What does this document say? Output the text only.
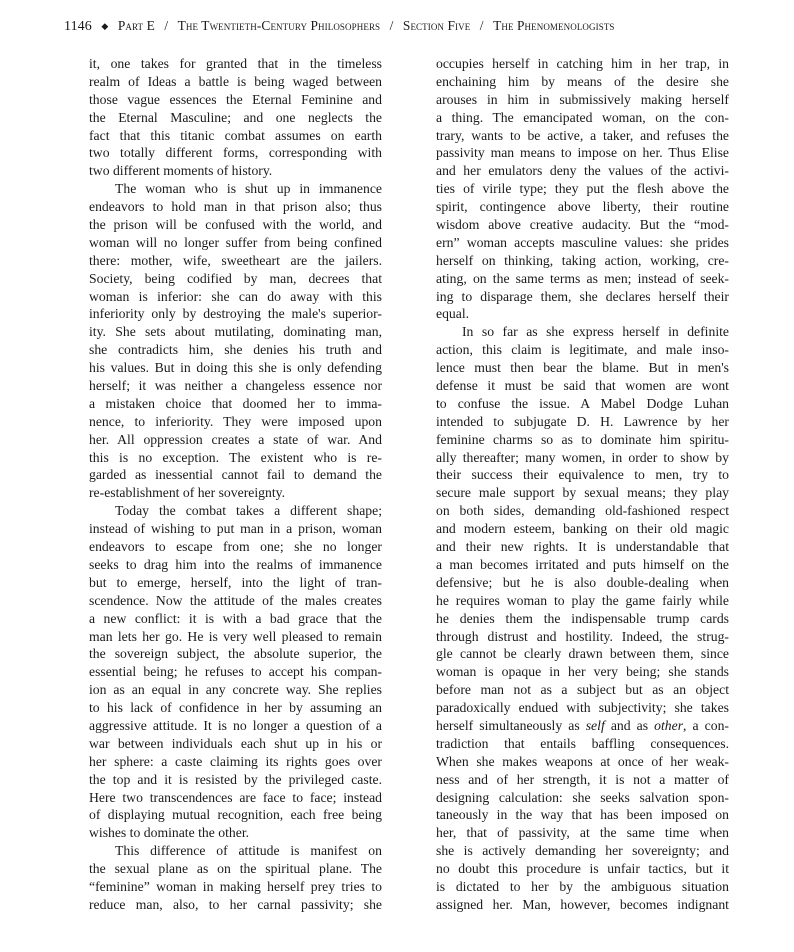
1146 ◆ Part E / The Twentieth-Century Philosophers / Section Five / The Phenomenologists
it, one takes for granted that in the timeless
realm of Ideas a battle is being waged between
those vague essences the Eternal Feminine and
the Eternal Masculine; and one neglects the
fact that this titanic combat assumes on earth
two totally different forms, corresponding with
two different moments of history.
The woman who is shut up in immanence
endeavors to hold man in that prison also; thus
the prison will be confused with the world, and
woman will no longer suffer from being confined
there: mother, wife, sweetheart are the jailers.
Society, being codified by man, decrees that
woman is inferior: she can do away with this
inferiority only by destroying the male's superior-
ity. She sets about mutilating, dominating man,
she contradicts him, she denies his truth and
his values. But in doing this she is only defending
herself; it was neither a changeless essence nor
a mistaken choice that doomed her to imma-
nence, to inferiority. They were imposed upon
her. All oppression creates a state of war. And
this is no exception. The existent who is re-
garded as inessential cannot fail to demand the
re-establishment of her sovereignty.
Today the combat takes a different shape;
instead of wishing to put man in a prison, woman
endeavors to escape from one; she no longer
seeks to drag him into the realms of immanence
but to emerge, herself, into the light of tran-
scendence. Now the attitude of the males creates
a new conflict: it is with a bad grace that the
man lets her go. He is very well pleased to remain
the sovereign subject, the absolute superior, the
essential being; he refuses to accept his compan-
ion as an equal in any concrete way. She replies
to his lack of confidence in her by assuming an
aggressive attitude. It is no longer a question of a
war between individuals each shut up in his or
her sphere: a caste claiming its rights goes over
the top and it is resisted by the privileged caste.
Here two transcendences are face to face; instead
of displaying mutual recognition, each free being
wishes to dominate the other.
This difference of attitude is manifest on
the sexual plane as on the spiritual plane. The
“feminine” woman in making herself prey tries to
reduce man, also, to her carnal passivity; she
occupies herself in catching him in her trap, in
enchaining him by means of the desire she
arouses in him in submissively making herself
a thing. The emancipated woman, on the con-
trary, wants to be active, a taker, and refuses the
passivity man means to impose on her. Thus Elise
and her emulators deny the values of the activi-
ties of virile type; they put the flesh above the
spirit, contingence above liberty, their routine
wisdom above creative audacity. But the “mod-
ern” woman accepts masculine values: she prides
herself on thinking, taking action, working, cre-
ating, on the same terms as men; instead of seek-
ing to disparage them, she declares herself their
equal.
In so far as she express herself in definite
action, this claim is legitimate, and male inso-
lence must then bear the blame. But in men's
defense it must be said that women are wont
to confuse the issue. A Mabel Dodge Luhan
intended to subjugate D. H. Lawrence by her
feminine charms so as to dominate him spiritu-
ally thereafter; many women, in order to show by
their success their equivalence to men, try to
secure male support by sexual means; they play
on both sides, demanding old-fashioned respect
and modern esteem, banking on their old magic
and their new rights. It is understandable that
a man becomes irritated and puts himself on the
defensive; but he is also double-dealing when
he requires woman to play the game fairly while
he denies them the indispensable trump cards
through distrust and hostility. Indeed, the strug-
gle cannot be clearly drawn between them, since
woman is opaque in her very being; she stands
before man not as a subject but as an object
paradoxically endued with subjectivity; she takes
herself simultaneously as self and as other, a con-
tradiction that entails baffling consequences.
When she makes weapons at once of her weak-
ness and of her strength, it is not a matter of
designing calculation: she seeks salvation spon-
taneously in the way that has been imposed on
her, that of passivity, at the same time when
she is actively demanding her sovereignty; and
no doubt this procedure is unfair tactics, but it
is dictated to her by the ambiguous situation
assigned her. Man, however, becomes indignant
